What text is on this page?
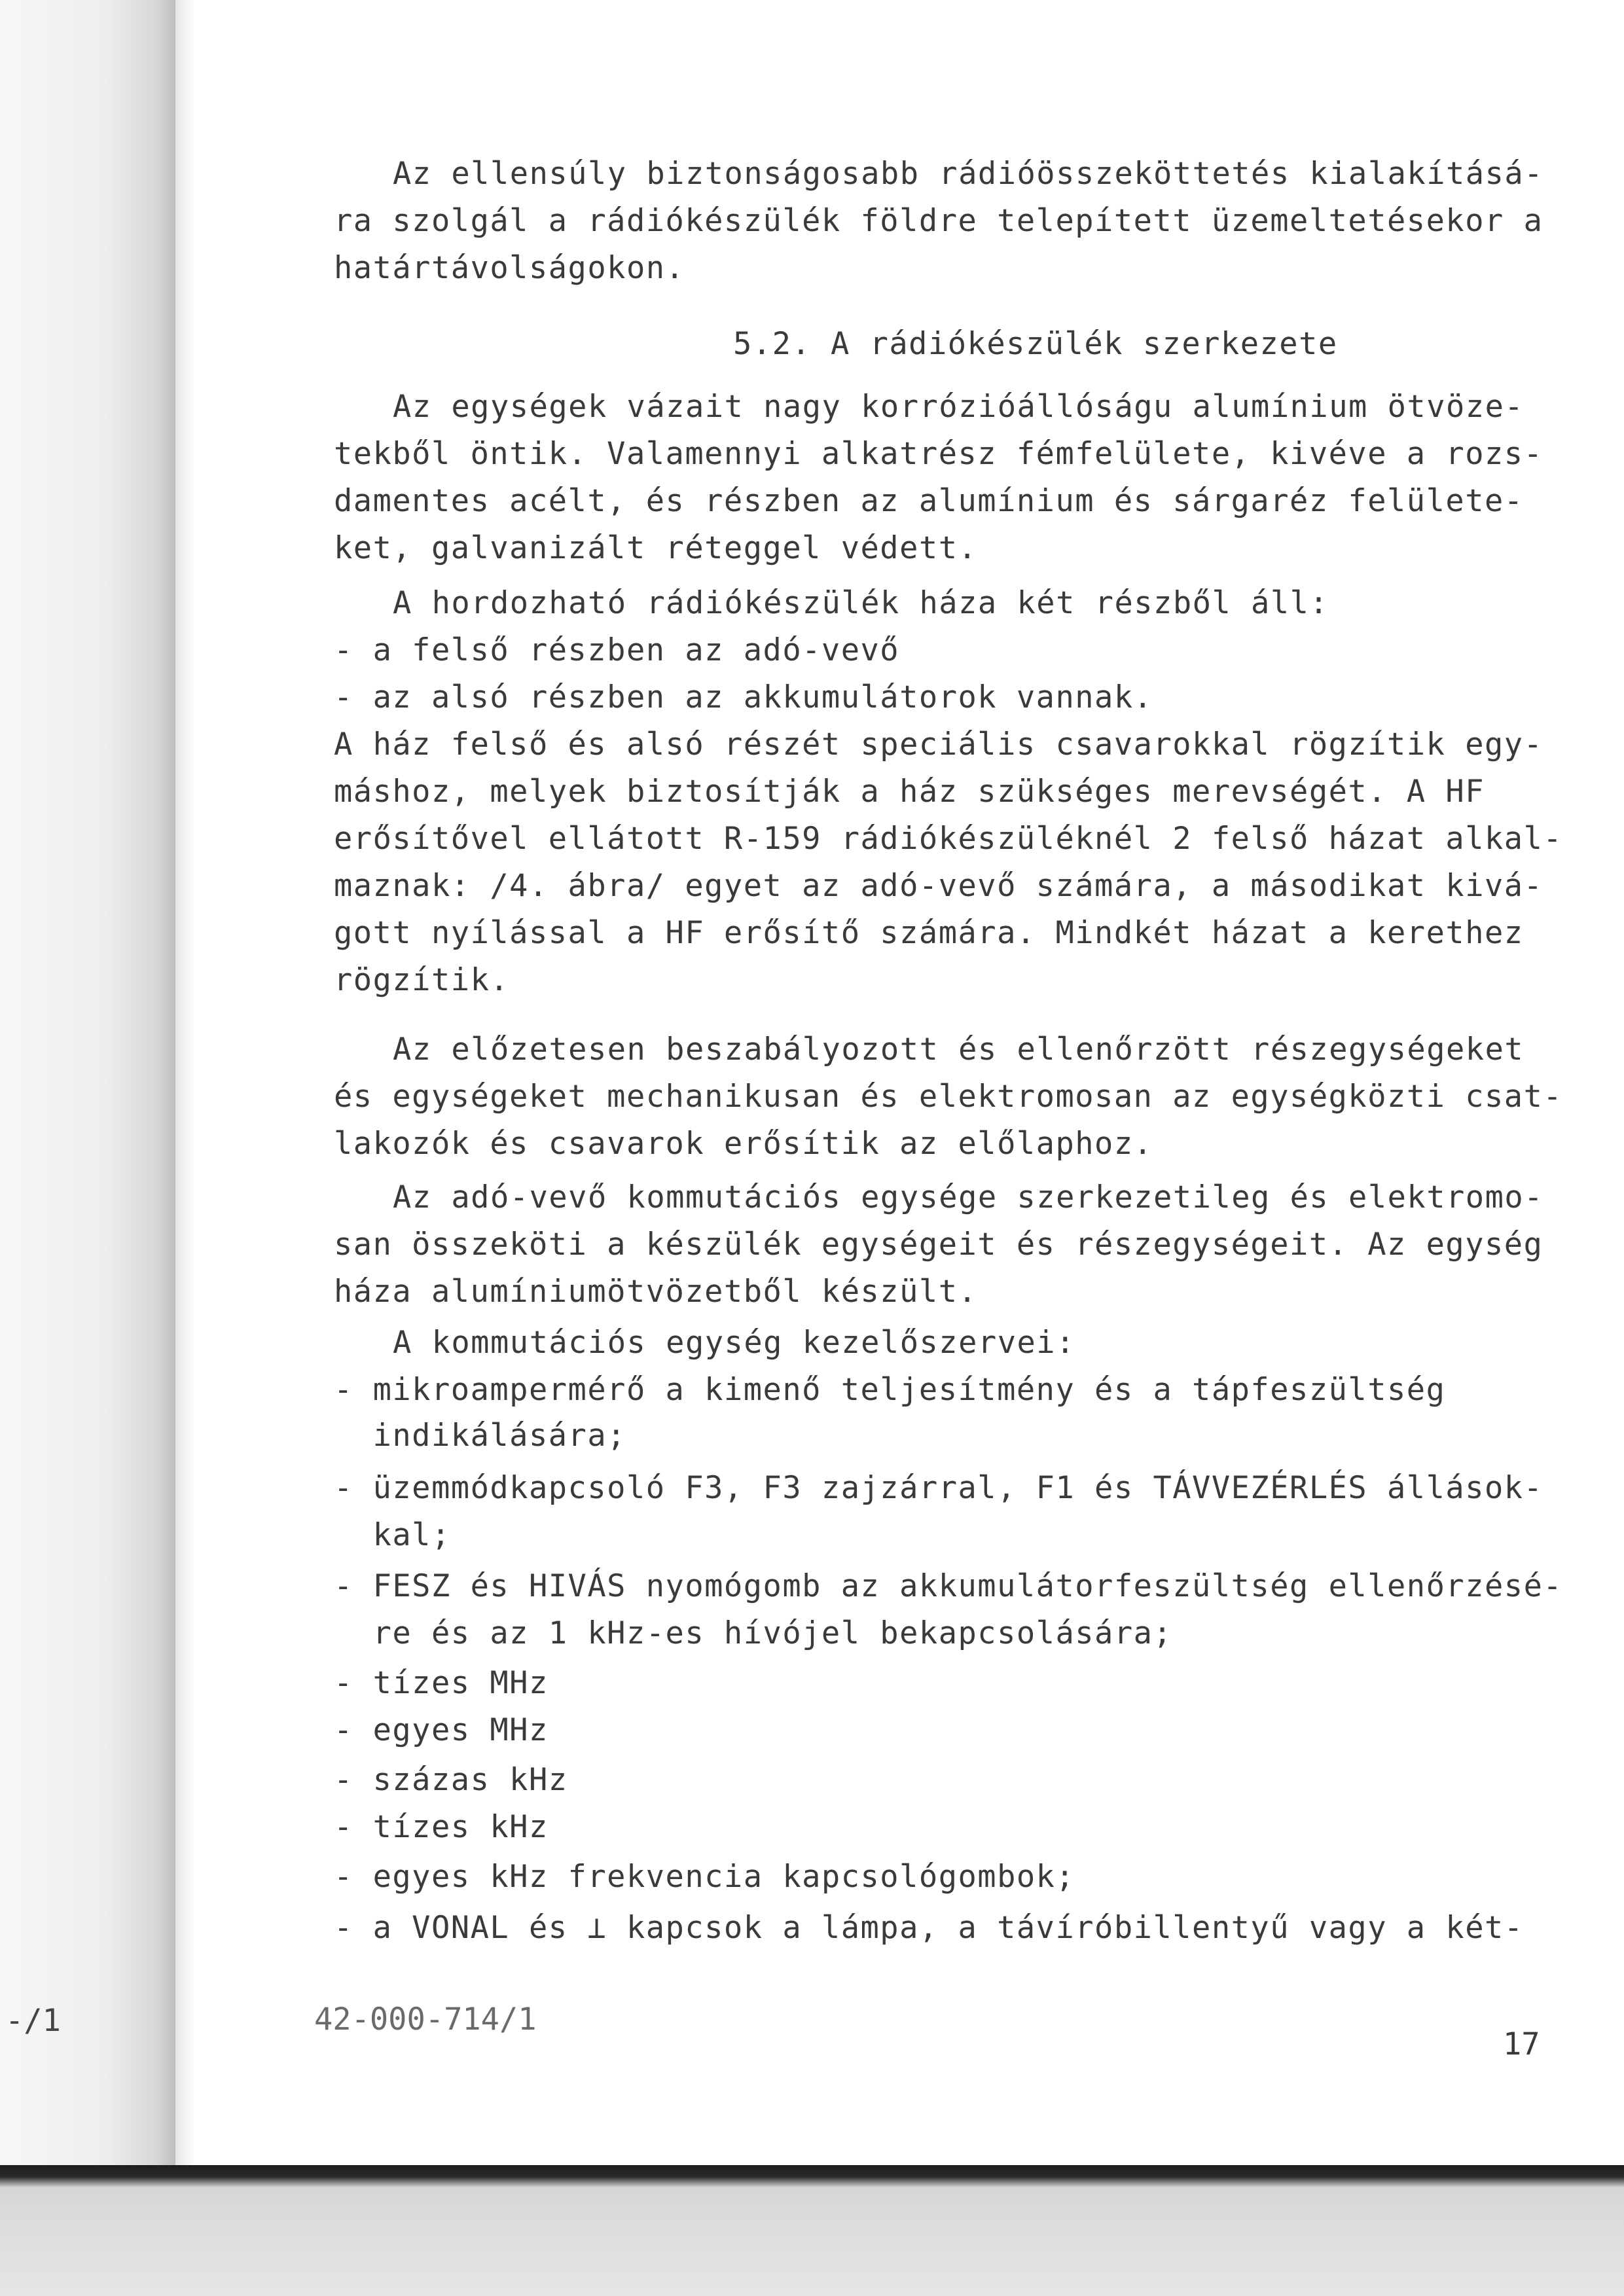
Az ellensúly biztonságosabb rádióösszeköttetés kialakításá-
ra szolgál a rádiókészülék földre telepített üzemeltetésekor a
határtávolságokon.
5.2. A rádiókészülék szerkezete
Az egységek vázait nagy korrózióállóságu alumínium ötvöze-
tekből öntik. Valamennyi alkatrész fémfelülete, kivéve a rozs-
damentes acélt, és részben az alumínium és sárgaréz felülete-
ket, galvanizált réteggel védett.
A hordozható rádiókészülék háza két részből áll:
- a felső részben az adó-vevő
- az alsó részben az akkumulátorok vannak.
A ház felső és alsó részét speciális csavarokkal rögzítik egy-
máshoz, melyek biztosítják a ház szükséges merevségét. A HF
erősítővel ellátott R-159 rádiókészüléknél 2 felső házat alkal-
maznak: /4. ábra/ egyet az adó-vevő számára, a másodikat kivá-
gott nyílással a HF erősítő számára. Mindkét házat a kerethez
rögzítik.
Az előzetesen beszabályozott és ellenőrzött részegységeket
és egységeket mechanikusan és elektromosan az egységközti csat-
lakozók és csavarok erősítik az előlaphoz.
Az adó-vevő kommutációs egysége szerkezetileg és elektromo-
san összeköti a készülék egységeit és részegységeit. Az egység
háza alumíniumötvözetből készült.
A kommutációs egység kezelőszervei:
- mikroampermérő a kimenő teljesítmény és a tápfeszültség
indikálására;
- üzemmódkapcsoló F3, F3 zajzárral, F1 és TÁVVEZÉRLÉS állások-
kal;
- FESZ és HIVÁS nyomógomb az akkumulátorfeszültség ellenőrzésé-
re és az 1 kHz-es hívójel bekapcsolására;
- tízes MHz
- egyes MHz
- százas kHz
- tízes kHz
- egyes kHz frekvencia kapcsológombok;
- a VONAL és ⊥ kapcsok a lámpa, a távíróbillentyű vagy a két-
-/1	42-000-714/1
17
